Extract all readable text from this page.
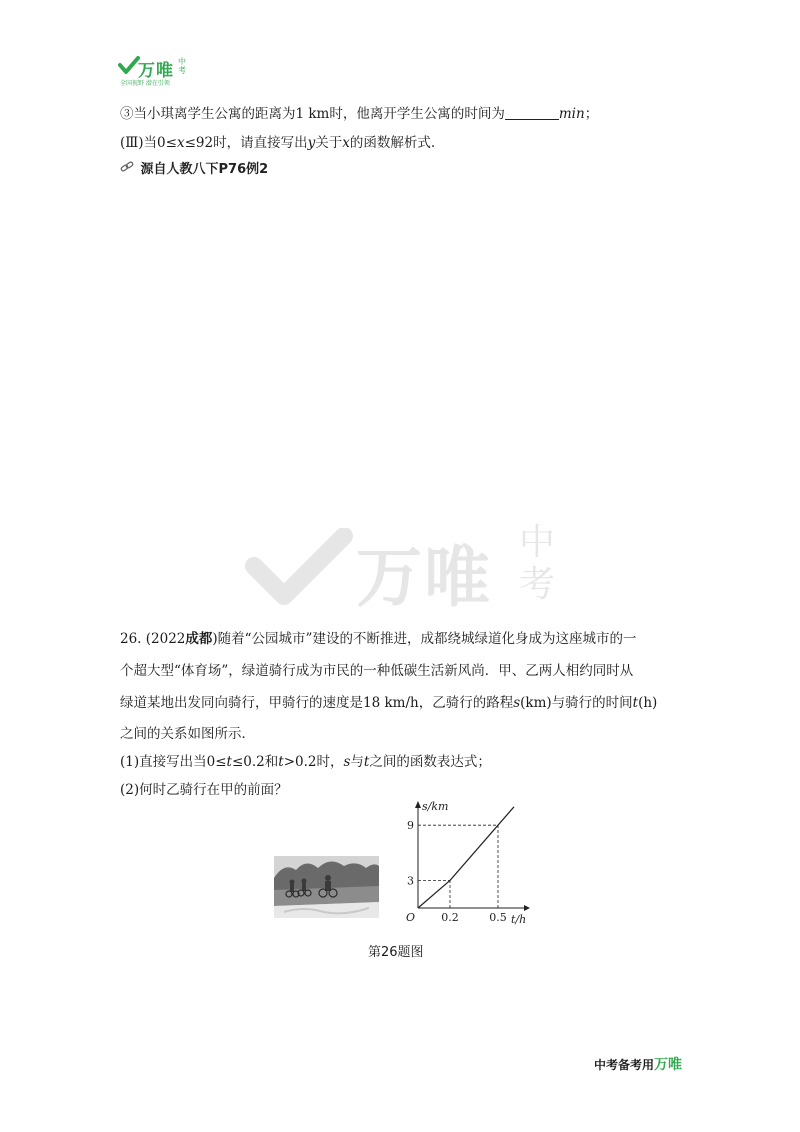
万唯 中考
全国视野 潜在引领
③当小琪离学生公寓的距离为1 km时，他离开学生公寓的时间为	min；
(Ⅲ)当0≤x≤92时，请直接写出y关于x的函数解析式.
源自人教八下P76例2
万唯 中考
26. (2022成都)随着“公园城市”建设的不断推进，成都绕城绿道化身成为这座城市的一
个超大型“体育场”，绿道骑行成为市民的一种低碳生活新风尚．甲、乙两人相约同时从
绿道某地出发同向骑行，甲骑行的速度是18 km/h，乙骑行的路程s(km)与骑行的时间t(h)
之间的关系如图所示．
(1)直接写出当0≤t≤0.2和t>0.2时，s与t之间的函数表达式；
(2)何时乙骑行在甲的前面？
0.2	0.5
3
9
s/km
t/h
O
第26题图
中考备考用万唯
